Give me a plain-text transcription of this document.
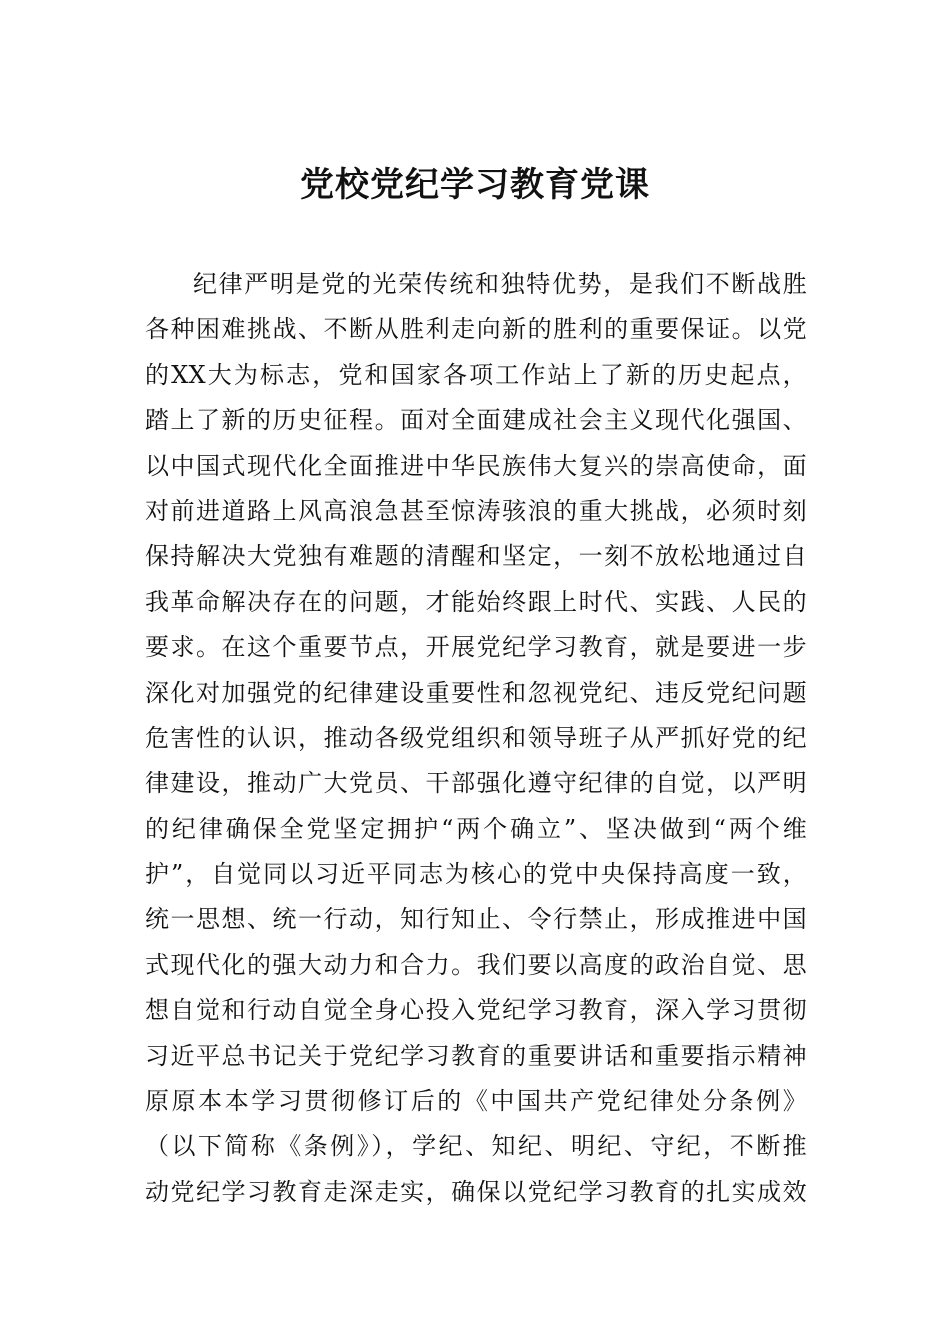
党校党纪学习教育党课
纪律严明是党的光荣传统和独特优势，是我们不断战胜
各种困难挑战、不断从胜利走向新的胜利的重要保证。以党
的XX大为标志，党和国家各项工作站上了新的历史起点，
踏上了新的历史征程。面对全面建成社会主义现代化强国、
以中国式现代化全面推进中华民族伟大复兴的崇高使命，面
对前进道路上风高浪急甚至惊涛骇浪的重大挑战，必须时刻
保持解决大党独有难题的清醒和坚定，一刻不放松地通过自
我革命解决存在的问题，才能始终跟上时代、实践、人民的
要求。在这个重要节点，开展党纪学习教育，就是要进一步
深化对加强党的纪律建设重要性和忽视党纪、违反党纪问题
危害性的认识，推动各级党组织和领导班子从严抓好党的纪
律建设，推动广大党员、干部强化遵守纪律的自觉，以严明
的纪律确保全党坚定拥护“两个确立”、坚决做到“两个维
护”，自觉同以习近平同志为核心的党中央保持高度一致，
统一思想、统一行动，知行知止、令行禁止，形成推进中国
式现代化的强大动力和合力。我们要以高度的政治自觉、思
想自觉和行动自觉全身心投入党纪学习教育，深入学习贯彻
习近平总书记关于党纪学习教育的重要讲话和重要指示精神
原原本本学习贯彻修订后的《中国共产党纪律处分条例》
（以下简称《条例》），学纪、知纪、明纪、守纪，不断推
动党纪学习教育走深走实，确保以党纪学习教育的扎实成效
